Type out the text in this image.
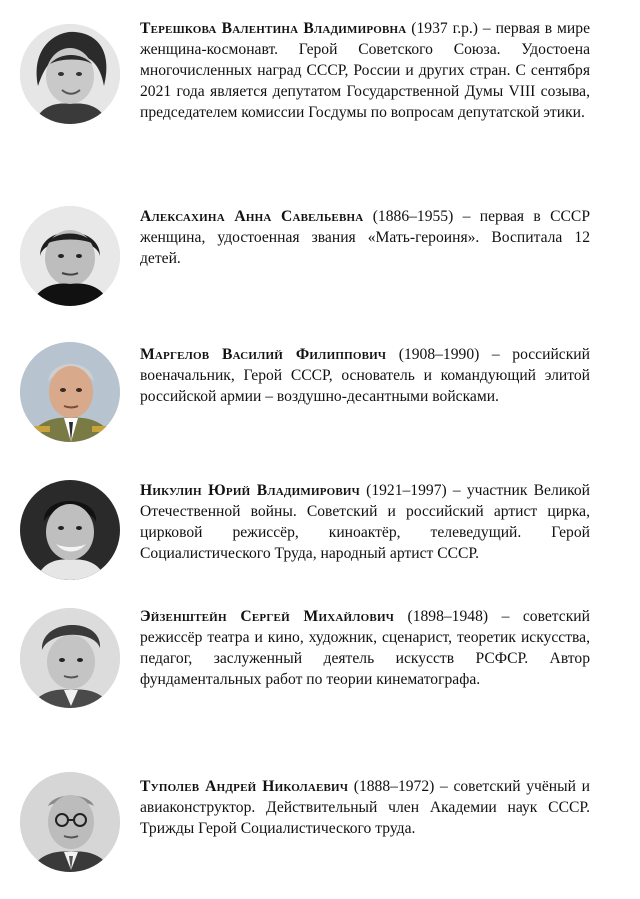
Терешкова Валентина Владимировна (1937 г.р.) – первая в мире женщина-космонавт. Герой Советского Союза. Удостоена многочисленных наград СССР, России и других стран. С сентября 2021 года является депутатом Государственной Думы VIII созыва, председателем комиссии Госдумы по вопросам депутатской этики.

Алексахина Анна Савельевна (1886–1955) – первая в СССР женщина, удостоенная звания «Мать-героиня». Воспитала 12 детей.

Маргелов Василий Филиппович (1908–1990) – российский военачальник, Герой СССР, основатель и командующий элитой российской армии – воздушно-десантными войсками.

Никулин Юрий Владимирович (1921–1997) – участник Великой Отечественной войны. Советский и российский артист цирка, цирковой режиссёр, киноактёр, телеведущий. Герой Социалистического Труда, народный артист СССР.

Эйзенштейн Сергей Михайлович (1898–1948) – советский режиссёр театра и кино, художник, сценарист, теоретик искусства, педагог, заслуженный деятель искусств РСФСР. Автор фундаментальных работ по теории кинематографа.

Туполев Андрей Николаевич (1888–1972) – советский учёный и авиаконструктор. Действительный член Академии наук СССР. Трижды Герой Социалистического труда.
